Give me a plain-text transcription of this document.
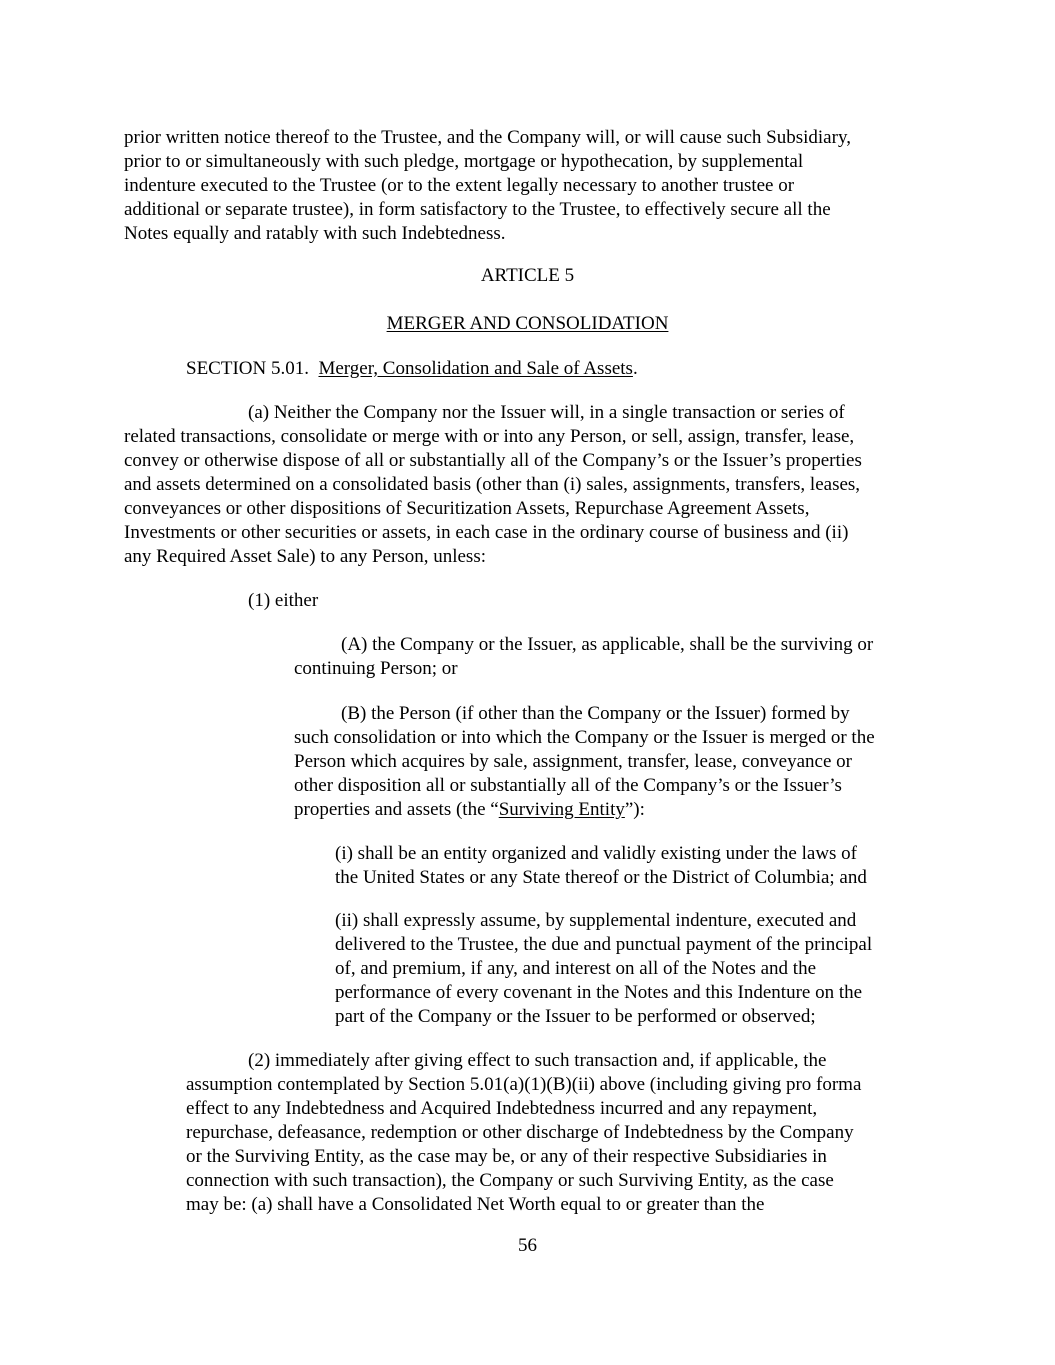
prior written notice thereof to the Trustee, and the Company will, or will cause such Subsidiary,
prior to or simultaneously with such pledge, mortgage or hypothecation, by supplemental
indenture executed to the Trustee (or to the extent legally necessary to another trustee or
additional or separate trustee), in form satisfactory to the Trustee, to effectively secure all the
Notes equally and ratably with such Indebtedness.
ARTICLE 5
MERGER AND CONSOLIDATION
SECTION 5.01. Merger, Consolidation and Sale of Assets.
(a) Neither the Company nor the Issuer will, in a single transaction or series of
related transactions, consolidate or merge with or into any Person, or sell, assign, transfer, lease,
convey or otherwise dispose of all or substantially all of the Company’s or the Issuer’s properties
and assets determined on a consolidated basis (other than (i) sales, assignments, transfers, leases,
conveyances or other dispositions of Securitization Assets, Repurchase Agreement Assets,
Investments or other securities or assets, in each case in the ordinary course of business and (ii)
any Required Asset Sale) to any Person, unless:
(1) either
(A) the Company or the Issuer, as applicable, shall be the surviving or
continuing Person; or
(B) the Person (if other than the Company or the Issuer) formed by
such consolidation or into which the Company or the Issuer is merged or the
Person which acquires by sale, assignment, transfer, lease, conveyance or
other disposition all or substantially all of the Company’s or the Issuer’s
properties and assets (the “Surviving Entity”):
(i) shall be an entity organized and validly existing under the laws of
the United States or any State thereof or the District of Columbia; and
(ii) shall expressly assume, by supplemental indenture, executed and
delivered to the Trustee, the due and punctual payment of the principal
of, and premium, if any, and interest on all of the Notes and the
performance of every covenant in the Notes and this Indenture on the
part of the Company or the Issuer to be performed or observed;
(2) immediately after giving effect to such transaction and, if applicable, the
assumption contemplated by Section 5.01(a)(1)(B)(ii) above (including giving pro forma
effect to any Indebtedness and Acquired Indebtedness incurred and any repayment,
repurchase, defeasance, redemption or other discharge of Indebtedness by the Company
or the Surviving Entity, as the case may be, or any of their respective Subsidiaries in
connection with such transaction), the Company or such Surviving Entity, as the case
may be: (a) shall have a Consolidated Net Worth equal to or greater than the
56
